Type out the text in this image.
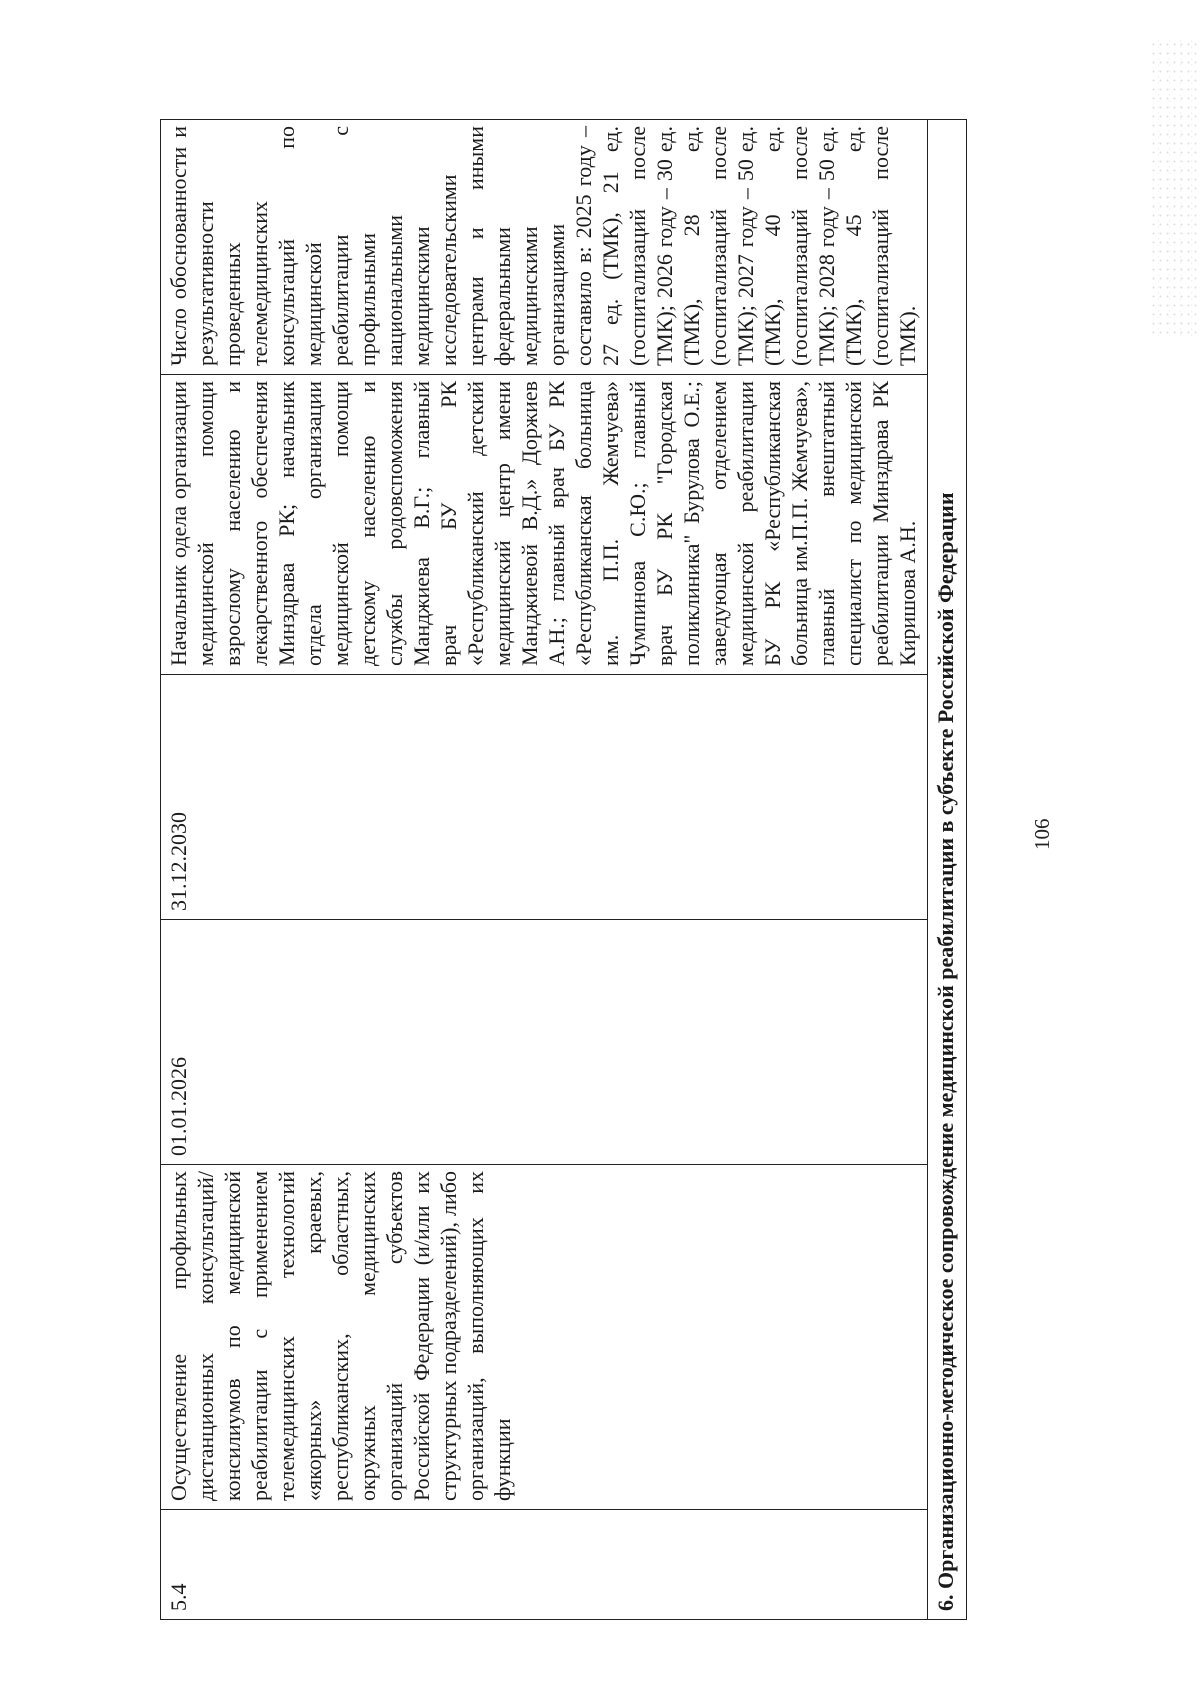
5.4	Осуществление профильных дистанционных консультаций/консилиумов по медицинской реабилитации с применением телемедицинских технологий «якорных» краевых, республиканских, областных, окружных медицинских организаций субъектов Российской Федерации (и/или их структурных подразделений), либо организаций, выполняющих их функции	01.01.2026	31.12.2030	Начальник одела организации медицинской помощи взрослому населению и лекарственного обеспечения Минздрава РК; начальник отдела организации медицинской помощи детскому населению и службы родовспоможения Манджиева В.Г.; главный врач БУ РК «Республиканский детский медицинский центр имени Манджиевой В.Д.» Доржиев А.Н.; главный врач БУ РК «Республиканская больница им. П.П. Жемчуева» Чумпинова С.Ю.; главный врач БУ РК "Городская поликлиника" Бурулова О.Е.; заведующая отделением медицинской реабилитации БУ РК «Республиканская больница им.П.П. Жемчуева», главный внештатный специалист по медицинской реабилитации Минздрава РК Киришова А.Н.	Число обоснованности и результативности проведенных телемедицинских консультаций по медицинской реабилитации с профильными национальными медицинскими исследовательскими центрами и иными федеральными медицинскими организациями составило в: 2025 году – 27 ед. (ТМК), 21 ед. (госпитализаций после ТМК); 2026 году – 30 ед. (ТМК), 28 ед. (госпитализаций после ТМК); 2027 году – 50 ед. (ТМК), 40 ед. (госпитализаций после ТМК); 2028 году – 50 ед. (ТМК), 45 ед. (госпитализаций после ТМК).
6. Организационно-методическое сопровождение медицинской реабилитации в субъекте Российской Федерации	106
